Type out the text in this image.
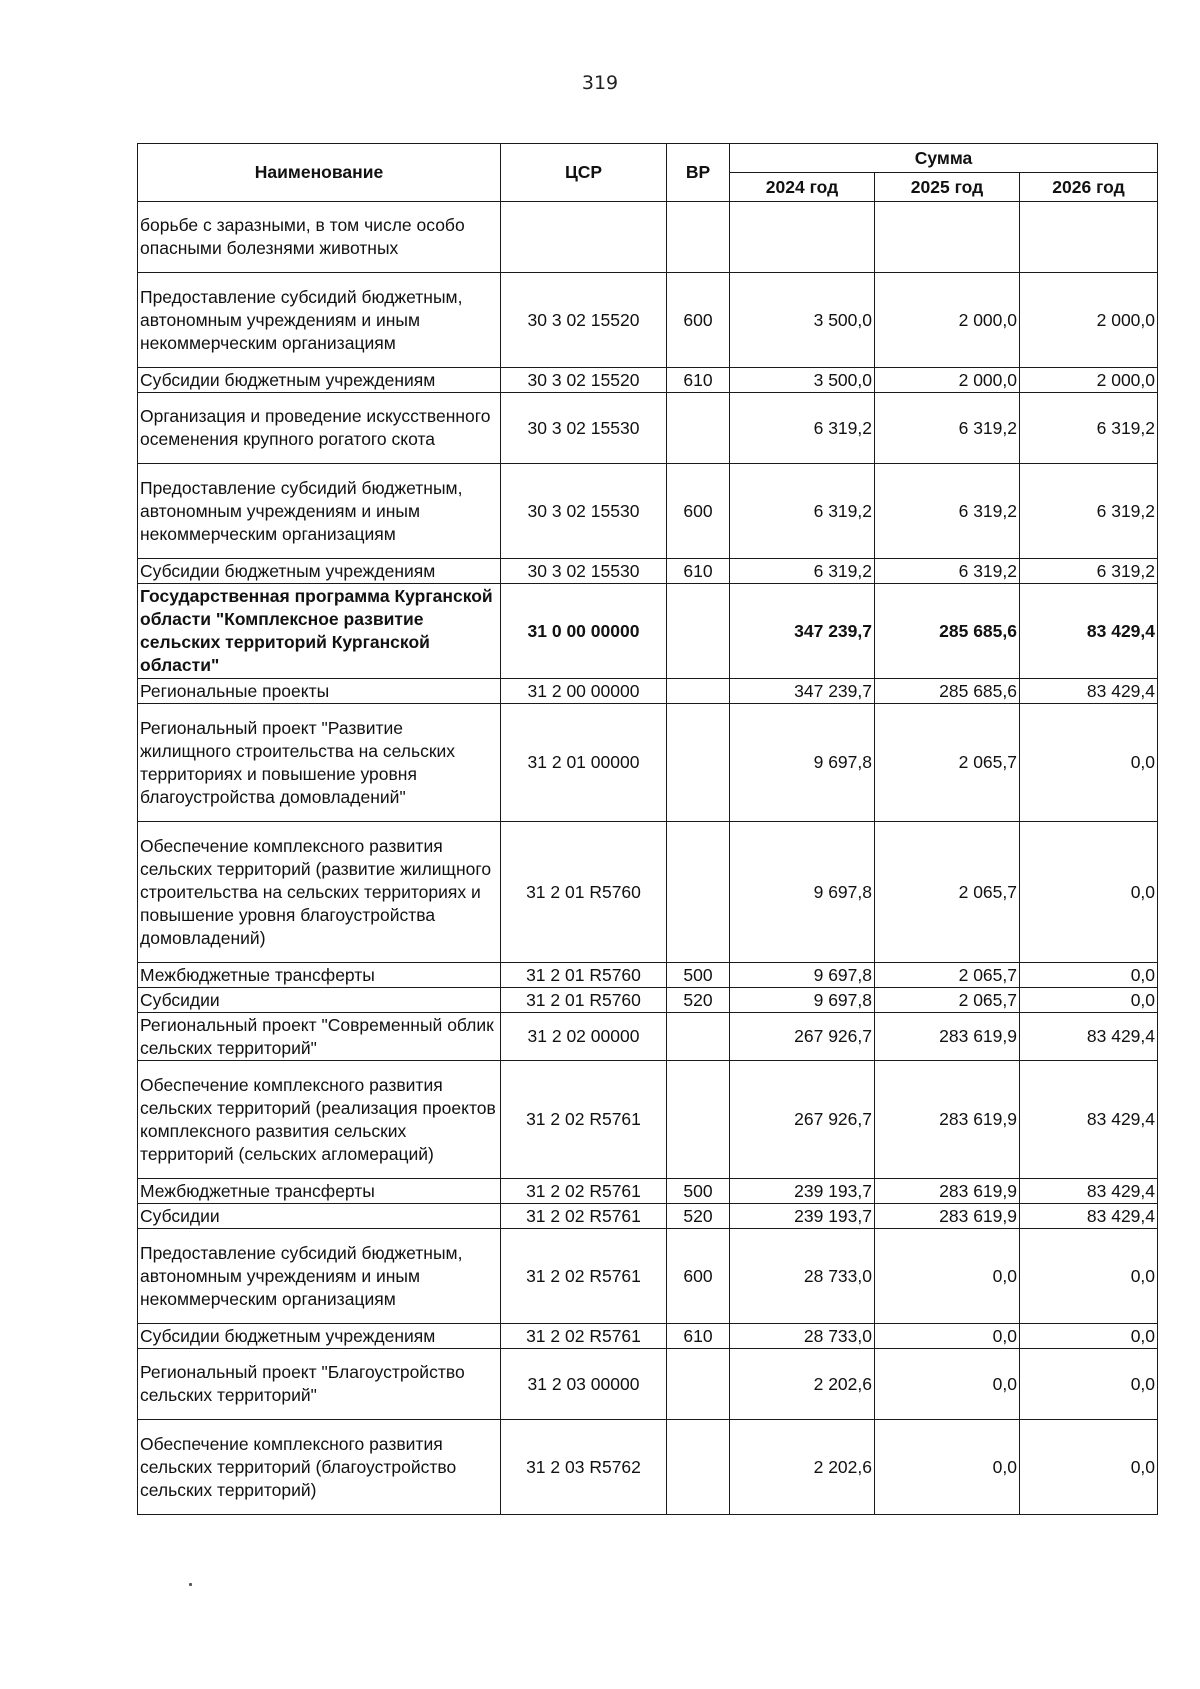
319
Наименование	ЦСР	ВР	Сумма		
			2024 год	2025 год	2026 год
борьбе с заразными, в том числе особо опасными болезнями животных					
Предоставление субсидий бюджетным, автономным учреждениям и иным некоммерческим организациям	30 3 02 15520	600	3 500,0	2 000,0	2 000,0
Субсидии бюджетным учреждениям	30 3 02 15520	610	3 500,0	2 000,0	2 000,0
Организация и проведение искусственного осеменения крупного рогатого скота	30 3 02 15530		6 319,2	6 319,2	6 319,2
Предоставление субсидий бюджетным, автономным учреждениям и иным некоммерческим организациям	30 3 02 15530	600	6 319,2	6 319,2	6 319,2
Субсидии бюджетным учреждениям	30 3 02 15530	610	6 319,2	6 319,2	6 319,2
Государственная программа Курганской области "Комплексное развитие сельских территорий Курганской области"	31 0 00 00000		347 239,7	285 685,6	83 429,4
Региональные проекты	31 2 00 00000		347 239,7	285 685,6	83 429,4
Региональный проект "Развитие жилищного строительства на сельских территориях и повышение уровня благоустройства домовладений"	31 2 01 00000		9 697,8	2 065,7	0,0
Обеспечение комплексного развития сельских территорий (развитие жилищного строительства на сельских территориях и повышение уровня благоустройства домовладений)	31 2 01 R5760		9 697,8	2 065,7	0,0
Межбюджетные трансферты	31 2 01 R5760	500	9 697,8	2 065,7	0,0
Субсидии	31 2 01 R5760	520	9 697,8	2 065,7	0,0
Региональный проект "Современный облик сельских территорий"	31 2 02 00000		267 926,7	283 619,9	83 429,4
Обеспечение комплексного развития сельских территорий (реализация проектов комплексного развития сельских территорий (сельских агломераций)	31 2 02 R5761		267 926,7	283 619,9	83 429,4
Межбюджетные трансферты	31 2 02 R5761	500	239 193,7	283 619,9	83 429,4
Субсидии	31 2 02 R5761	520	239 193,7	283 619,9	83 429,4
Предоставление субсидий бюджетным, автономным учреждениям и иным некоммерческим организациям	31 2 02 R5761	600	28 733,0	0,0	0,0
Субсидии бюджетным учреждениям	31 2 02 R5761	610	28 733,0	0,0	0,0
Региональный проект "Благоустройство сельских территорий"	31 2 03 00000		2 202,6	0,0	0,0
Обеспечение комплексного развития сельских территорий (благоустройство сельских территорий)	31 2 03 R5762		2 202,6	0,0	0,0
